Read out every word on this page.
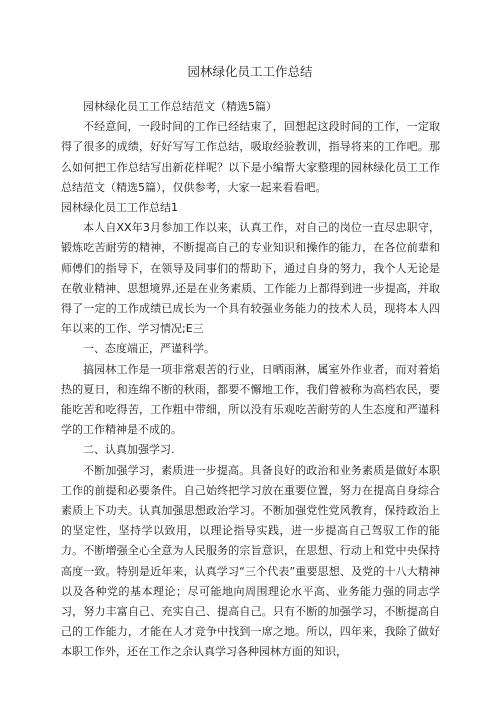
园林绿化员工工作总结

园林绿化员工工作总结范文（精选5篇）

不经意间，一段时间的工作已经结束了，回想起这段时间的工作，一定取得了很多的成绩，好好写写工作总结，吸取经验教训，指导将来的工作吧。那么如何把工作总结写出新花样呢？以下是小编帮大家整理的园林绿化员工工作总结范文（精选5篇），仅供参考，大家一起来看看吧。

园林绿化员工工作总结1

本人自XX年3月参加工作以来，认真工作，对自己的岗位一直尽忠职守，锻炼吃苦耐劳的精神，不断提高自己的专业知识和操作的能力，在各位前辈和师傅们的指导下，在领导及同事们的帮助下，通过自身的努力，我个人无论是在敬业精神、思想境界,还是在业务素质、工作能力上都得到进一步提高，并取得了一定的工作成绩已成长为一个具有较强业务能力的技术人员，现将本人四年以来的工作、学习情况;E三

一、态度端正，严谨科学。

搞园林工作是一项非常艰苦的行业，日晒雨淋，属室外作业者，而对着焰热的夏日，和连绵不断的秋雨，都要不懈地工作，我们曾被称为高档农民，要能吃苦和吃得苦，工作粗中带细，所以没有乐观吃苦耐劳的人生态度和严谨科学的工作精神是不成的。

二、认真加强学习.

不断加强学习，素质进一步提高。具备良好的政治和业务素质是做好本职工作的前提和必要条件。自己始终把学习放在重要位置，努力在提高自身综合素质上下功夫。认真加强思想政治学习。不断加强党性党风教育，保持政治上的坚定性，坚持学以致用，以理论指导实践，进一步提高自己驾驭工作的能力。不断增强全心全意为人民服务的宗旨意识，在思想、行动上和党中央保持高度一致。特别是近年来，认真学习“三个代表”重要思想、及党的十八大精神以及各种党的基本理论；尽可能地向周围理论水平高、业务能力强的同志学习，努力丰富自己、充实自己、提高自己。只有不断的加强学习，不断提高自己的工作能力，才能在人才竞争中找到一席之地。所以，四年来，我除了做好本职工作外，还在工作之余认真学习各种园林方面的知识，
